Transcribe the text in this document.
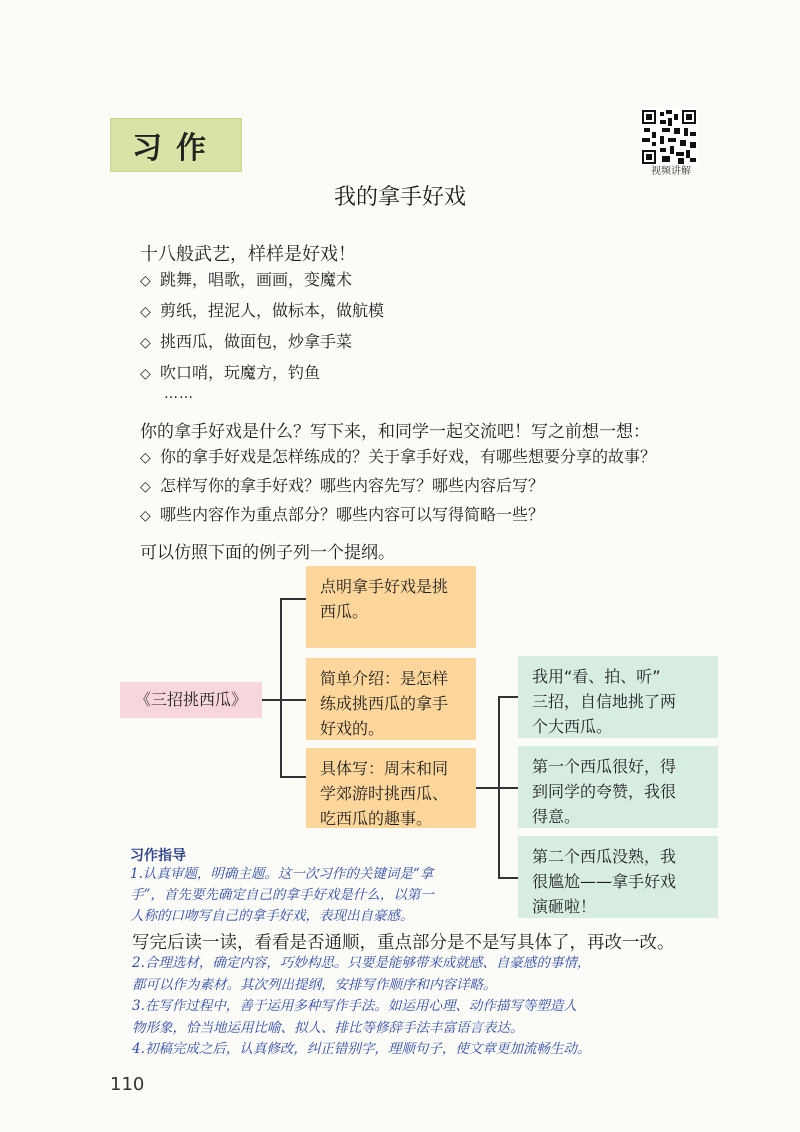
习作
视频讲解
我的拿手好戏
十八般武艺，样样是好戏！
◇ 跳舞，唱歌，画画，变魔术
◇ 剪纸，捏泥人，做标本，做航模
◇ 挑西瓜，做面包，炒拿手菜
◇ 吹口哨，玩魔方，钓鱼
……
你的拿手好戏是什么？写下来，和同学一起交流吧！写之前想一想：
◇ 你的拿手好戏是怎样练成的？关于拿手好戏，有哪些想要分享的故事？
◇ 怎样写你的拿手好戏？哪些内容先写？哪些内容后写？
◇ 哪些内容作为重点部分？哪些内容可以写得简略一些？
可以仿照下面的例子列一个提纲。
《三招挑西瓜》
点明拿手好戏是挑
西瓜。
简单介绍：是怎样
练成挑西瓜的拿手
好戏的。
具体写：周末和同
学郊游时挑西瓜、
吃西瓜的趣事。
我用“看、拍、听”
三招，自信地挑了两
个大西瓜。
第一个西瓜很好，得
到同学的夸赞，我很
得意。
第二个西瓜没熟，我
很尴尬——拿手好戏
演砸啦！
习作指导
1.认真审题，明确主题。这一次习作的关键词是“拿
手”，首先要先确定自己的拿手好戏是什么，以第一
人称的口吻写自己的拿手好戏，表现出自豪感。
写完后读一读，看看是否通顺，重点部分是不是写具体了，再改一改。
2.合理选材，确定内容，巧妙构思。只要是能够带来成就感、自豪感的事情，
都可以作为素材。其次列出提纲，安排写作顺序和内容详略。
3.在写作过程中，善于运用多种写作手法。如运用心理、动作描写等塑造人
物形象，恰当地运用比喻、拟人、排比等修辞手法丰富语言表达。
4.初稿完成之后，认真修改，纠正错别字，理顺句子，使文章更加流畅生动。
110
